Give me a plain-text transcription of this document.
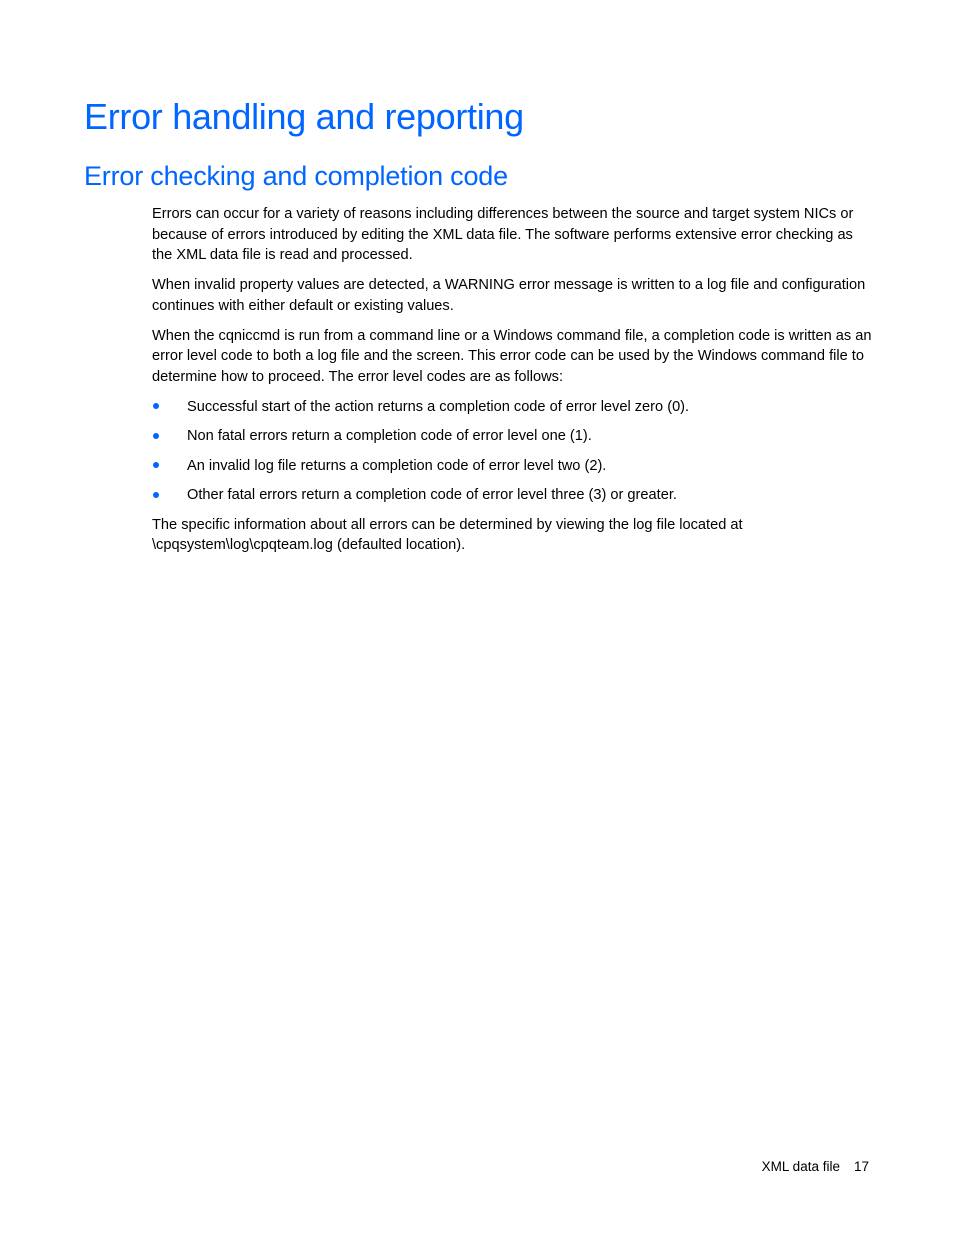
Error handling and reporting
Error checking and completion code

Errors can occur for a variety of reasons including differences between the source and target system NICs or because of errors introduced by editing the XML data file. The software performs extensive error checking as the XML data file is read and processed.

When invalid property values are detected, a WARNING error message is written to a log file and configuration continues with either default or existing values.

When the cqniccmd is run from a command line or a Windows command file, a completion code is written as an error level code to both a log file and the screen. This error code can be used by the Windows command file to determine how to proceed. The error level codes are as follows:

Successful start of the action returns a completion code of error level zero (0).
Non fatal errors return a completion code of error level one (1).
An invalid log file returns a completion code of error level two (2).
Other fatal errors return a completion code of error level three (3) or greater.

The specific information about all errors can be determined by viewing the log file located at
\cpqsystem\log\cpqteam.log (defaulted location).

XML data file 17
